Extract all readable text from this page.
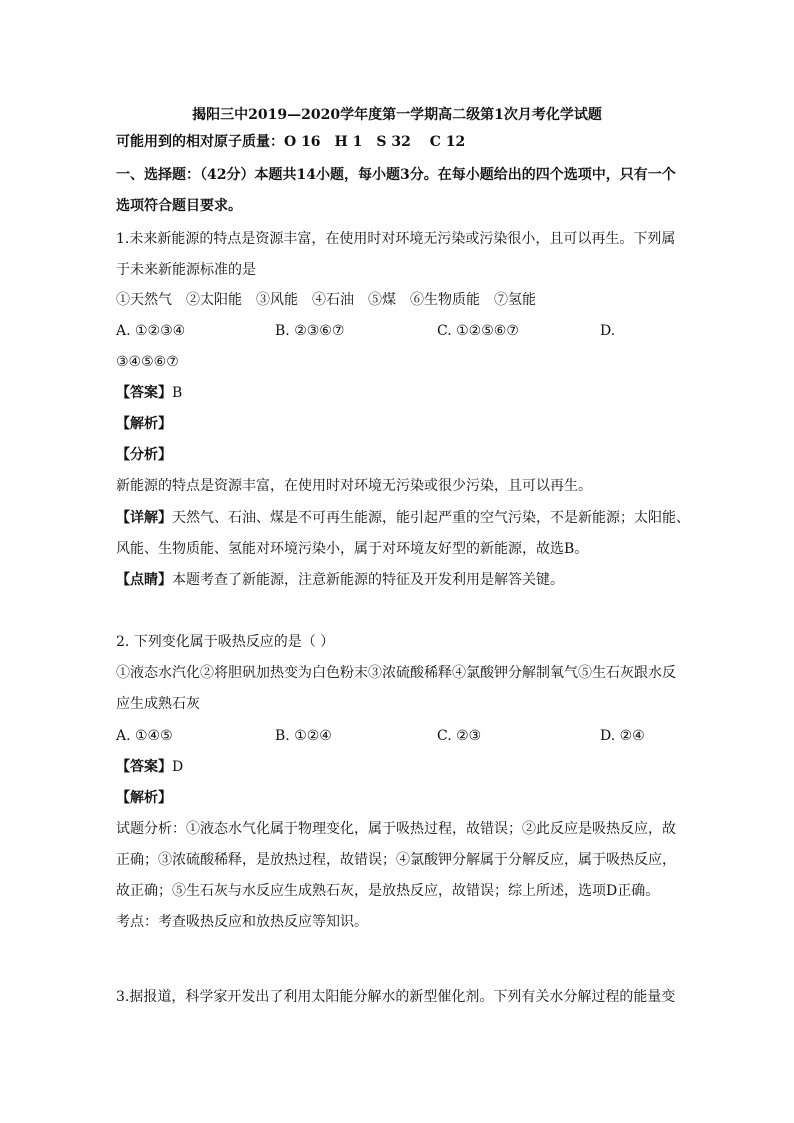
揭阳三中2019—2020学年度第一学期高二级第1次月考化学试题
可能用到的相对原子质量：O 16　H 1　S 32　 C 12
一、选择题：（42分）本题共14小题，每小题3分。在每小题给出的四个选项中，只有一个
选项符合题目要求。
1.未来新能源的特点是资源丰富，在使用时对环境无污染或污染很小，且可以再生。下列属
于未来新能源标准的是
①天然气　②太阳能　③风能　④石油　⑤煤　⑥生物质能　⑦氢能
A. ①②③④	B. ②③⑥⑦	C. ①②⑤⑥⑦	D.
③④⑤⑥⑦
【答案】B
【解析】
【分析】
新能源的特点是资源丰富，在使用时对环境无污染或很少污染，且可以再生。
【详解】天然气、石油、煤是不可再生能源，能引起严重的空气污染，不是新能源；太阳能、
风能、生物质能、氢能对环境污染小，属于对环境友好型的新能源，故选B。
【点睛】本题考查了新能源，注意新能源的特征及开发利用是解答关键。
2. 下列变化属于吸热反应的是（ ）
①液态水汽化②将胆矾加热变为白色粉末③浓硫酸稀释④氯酸钾分解制氧气⑤生石灰跟水反
应生成熟石灰
A. ①④⑤	B. ①②④	C. ②③	D. ②④
【答案】D
【解析】
试题分析：①液态水气化属于物理变化，属于吸热过程，故错误；②此反应是吸热反应，故
正确；③浓硫酸稀释，是放热过程，故错误；④氯酸钾分解属于分解反应，属于吸热反应，
故正确；⑤生石灰与水反应生成熟石灰，是放热反应，故错误；综上所述，选项D正确。
考点：考查吸热反应和放热反应等知识。
3.据报道，科学家开发出了利用太阳能分解水的新型催化剂。下列有关水分解过程的能量变
